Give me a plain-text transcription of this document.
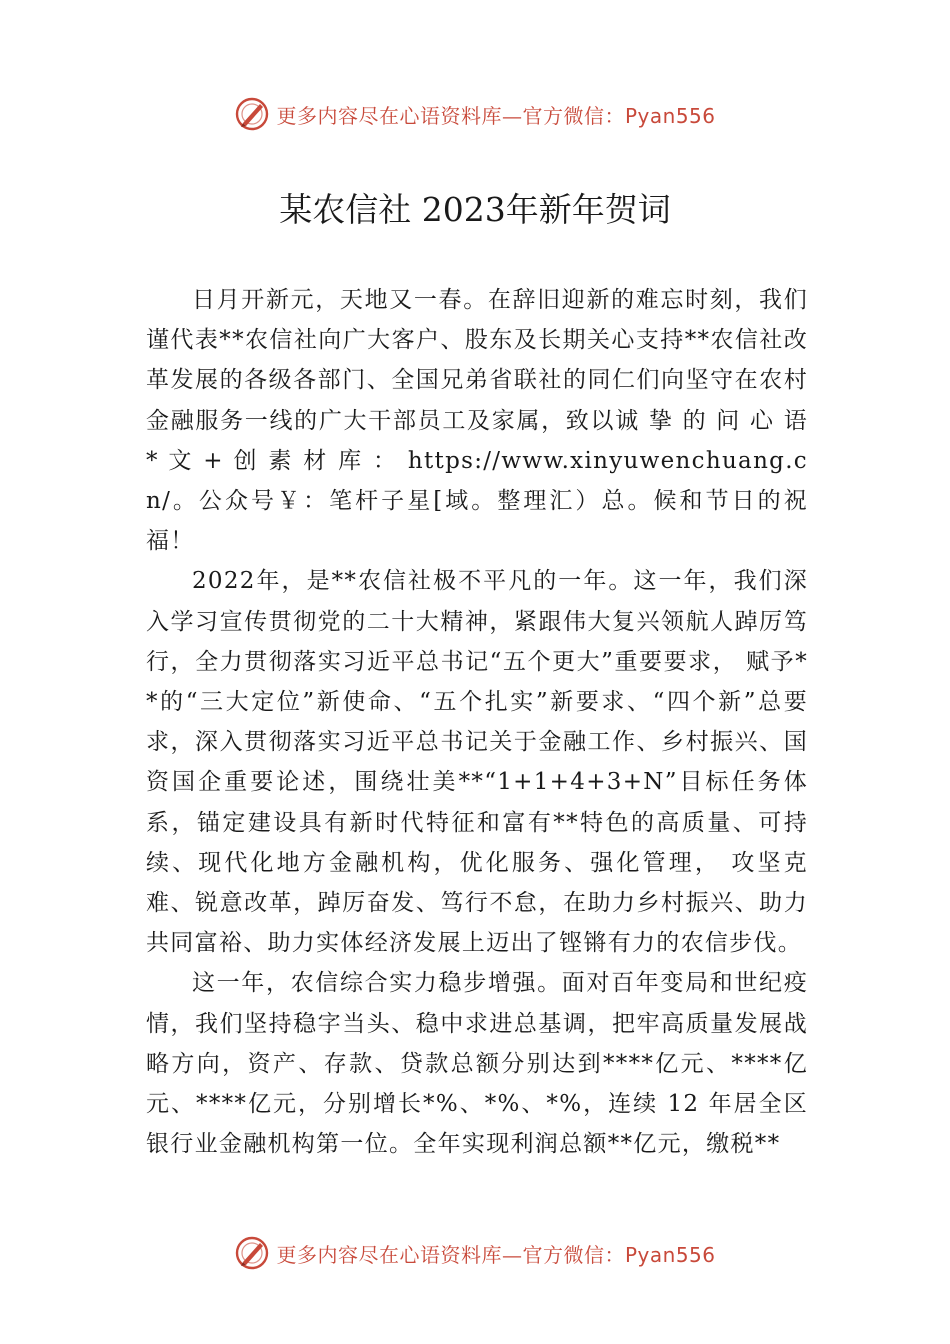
更多内容尽在心语资料库—官方微信：Pyan556
某农信社 2023年新年贺词

日月开新元，天地又一春。在辞旧迎新的难忘时刻，我们谨代表**农信社向广大客户、股东及长期关心支持**农信社改革发展的各级各部门、全国兄弟省联社的同仁们向坚守在农村金融服务一线的广大干部员工及家属，致以诚 挚 的 问 心 语 * 文 + 创 素 材 库 ： https://www.xinyuwenchuang.cn/。公众号￥：笔杆子星[域。整理汇）总。候和节日的祝福！

2022年，是**农信社极不平凡的一年。这一年，我们深入学习宣传贯彻党的二十大精神，紧跟伟大复兴领航人踔厉笃行，全力贯彻落实习近平总书记“五个更大”重要要求， 赋予**的“三大定位”新使命、“五个扎实”新要求、“四个新”总要求，深入贯彻落实习近平总书记关于金融工作、乡村振兴、国资国企重要论述，围绕壮美**“1+1+4+3+N”目标任务体系，锚定建设具有新时代特征和富有**特色的高质量、可持续、现代化地方金融机构，优化服务、强化管理， 攻坚克难、锐意改革，踔厉奋发、笃行不怠，在助力乡村振兴、助力共同富裕、助力实体经济发展上迈出了铿锵有力的农信步伐。

这一年，农信综合实力稳步增强。面对百年变局和世纪疫情，我们坚持稳字当头、稳中求进总基调，把牢高质量发展战略方向，资产、存款、贷款总额分别达到****亿元、****亿元、****亿元，分别增长*%、*%、*%，连续 12 年居全区银行业金融机构第一位。全年实现利润总额**亿元，缴税**

更多内容尽在心语资料库—官方微信：Pyan556
